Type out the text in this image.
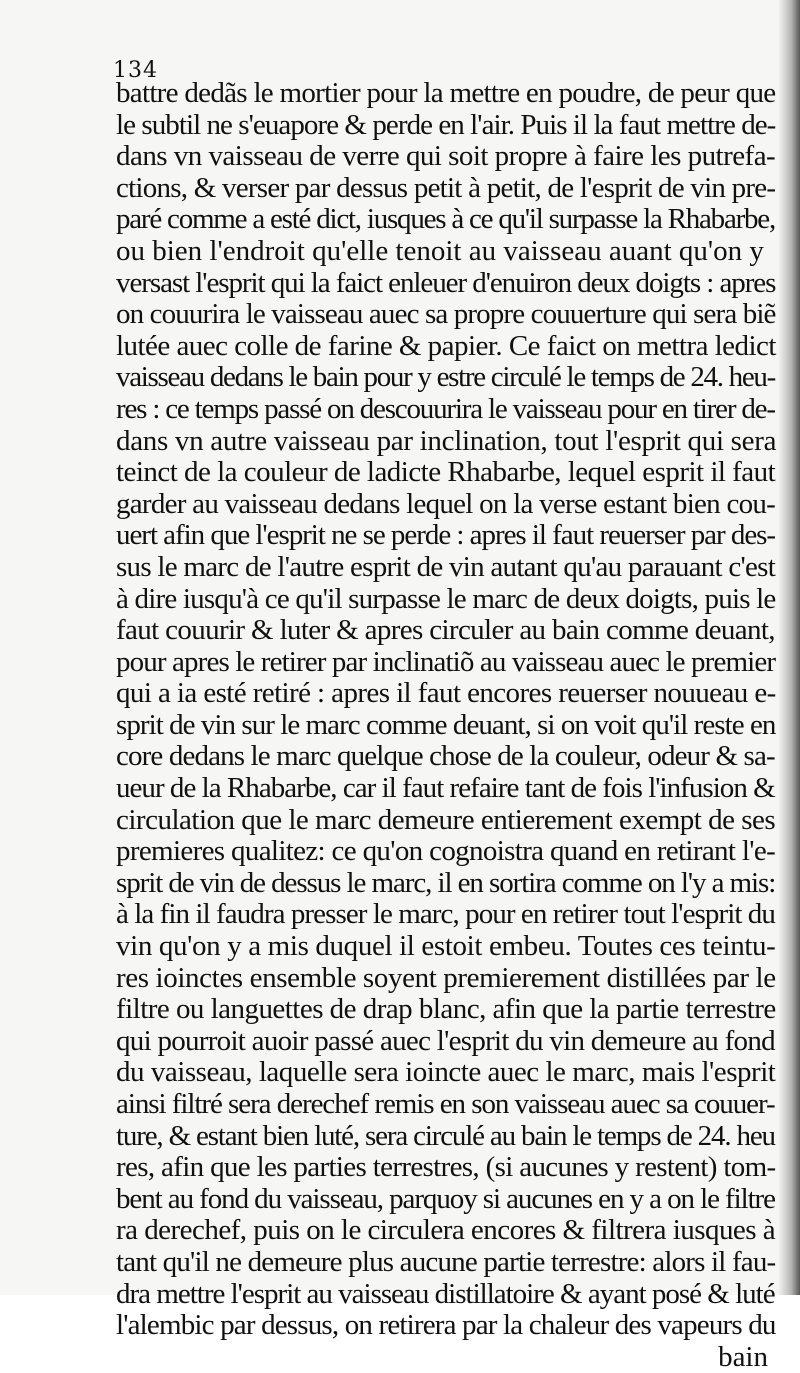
134
battre dedãs le mortier pour la mettre en poudre, de peur que
le subtil ne s'euapore & perde en l'air. Puis il la faut mettre de-
dans vn vaisseau de verre qui soit propre à faire les putrefa-
ctions, & verser par dessus petit à petit, de l'esprit de vin pre-
paré comme a esté dict, iusques à ce qu'il surpasse la Rhabarbe,
ou bien l'endroit qu'elle tenoit au vaisseau auant qu'on y
versast l'esprit qui la faict enleuer d'enuiron deux doigts : apres
on couurira le vaisseau auec sa propre couuerture qui sera biẽ
lutée auec colle de farine & papier. Ce faict on mettra ledict
vaisseau dedans le bain pour y estre circulé le temps de 24. heu-
res : ce temps passé on descouurira le vaisseau pour en tirer de-
dans vn autre vaisseau par inclination, tout l'esprit qui sera
teinct de la couleur de ladicte Rhabarbe, lequel esprit il faut
garder au vaisseau dedans lequel on la verse estant bien cou-
uert afin que l'esprit ne se perde : apres il faut reuerser par des-
sus le marc de l'autre esprit de vin autant qu'au parauant c'est
à dire iusqu'à ce qu'il surpasse le marc de deux doigts, puis le
faut couurir & luter & apres circuler au bain comme deuant,
pour apres le retirer par inclinatiõ au vaisseau auec le premier
qui a ia esté retiré : apres il faut encores reuerser nouueau e-
sprit de vin sur le marc comme deuant, si on voit qu'il reste en
core dedans le marc quelque chose de la couleur, odeur & sa-
ueur de la Rhabarbe, car il faut refaire tant de fois l'infusion &
circulation que le marc demeure entierement exempt de ses
premieres qualitez: ce qu'on cognoistra quand en retirant l'e-
sprit de vin de dessus le marc, il en sortira comme on l'y a mis:
à la fin il faudra presser le marc, pour en retirer tout l'esprit du
vin qu'on y a mis duquel il estoit embeu. Toutes ces teintu-
res ioinctes ensemble soyent premierement distillées par le
filtre ou languettes de drap blanc, afin que la partie terrestre
qui pourroit auoir passé auec l'esprit du vin demeure au fond
du vaisseau, laquelle sera ioincte auec le marc, mais l'esprit
ainsi filtré sera derechef remis en son vaisseau auec sa couuer-
ture, & estant bien luté, sera circulé au bain le temps de 24. heu
res, afin que les parties terrestres, (si aucunes y restent) tom-
bent au fond du vaisseau, parquoy si aucunes en y a on le filtre
ra derechef, puis on le circulera encores & filtrera iusques à
tant qu'il ne demeure plus aucune partie terrestre: alors il fau-
dra mettre l'esprit au vaisseau distillatoire & ayant posé & luté
l'alembic par dessus, on retirera par la chaleur des vapeurs du
bain
